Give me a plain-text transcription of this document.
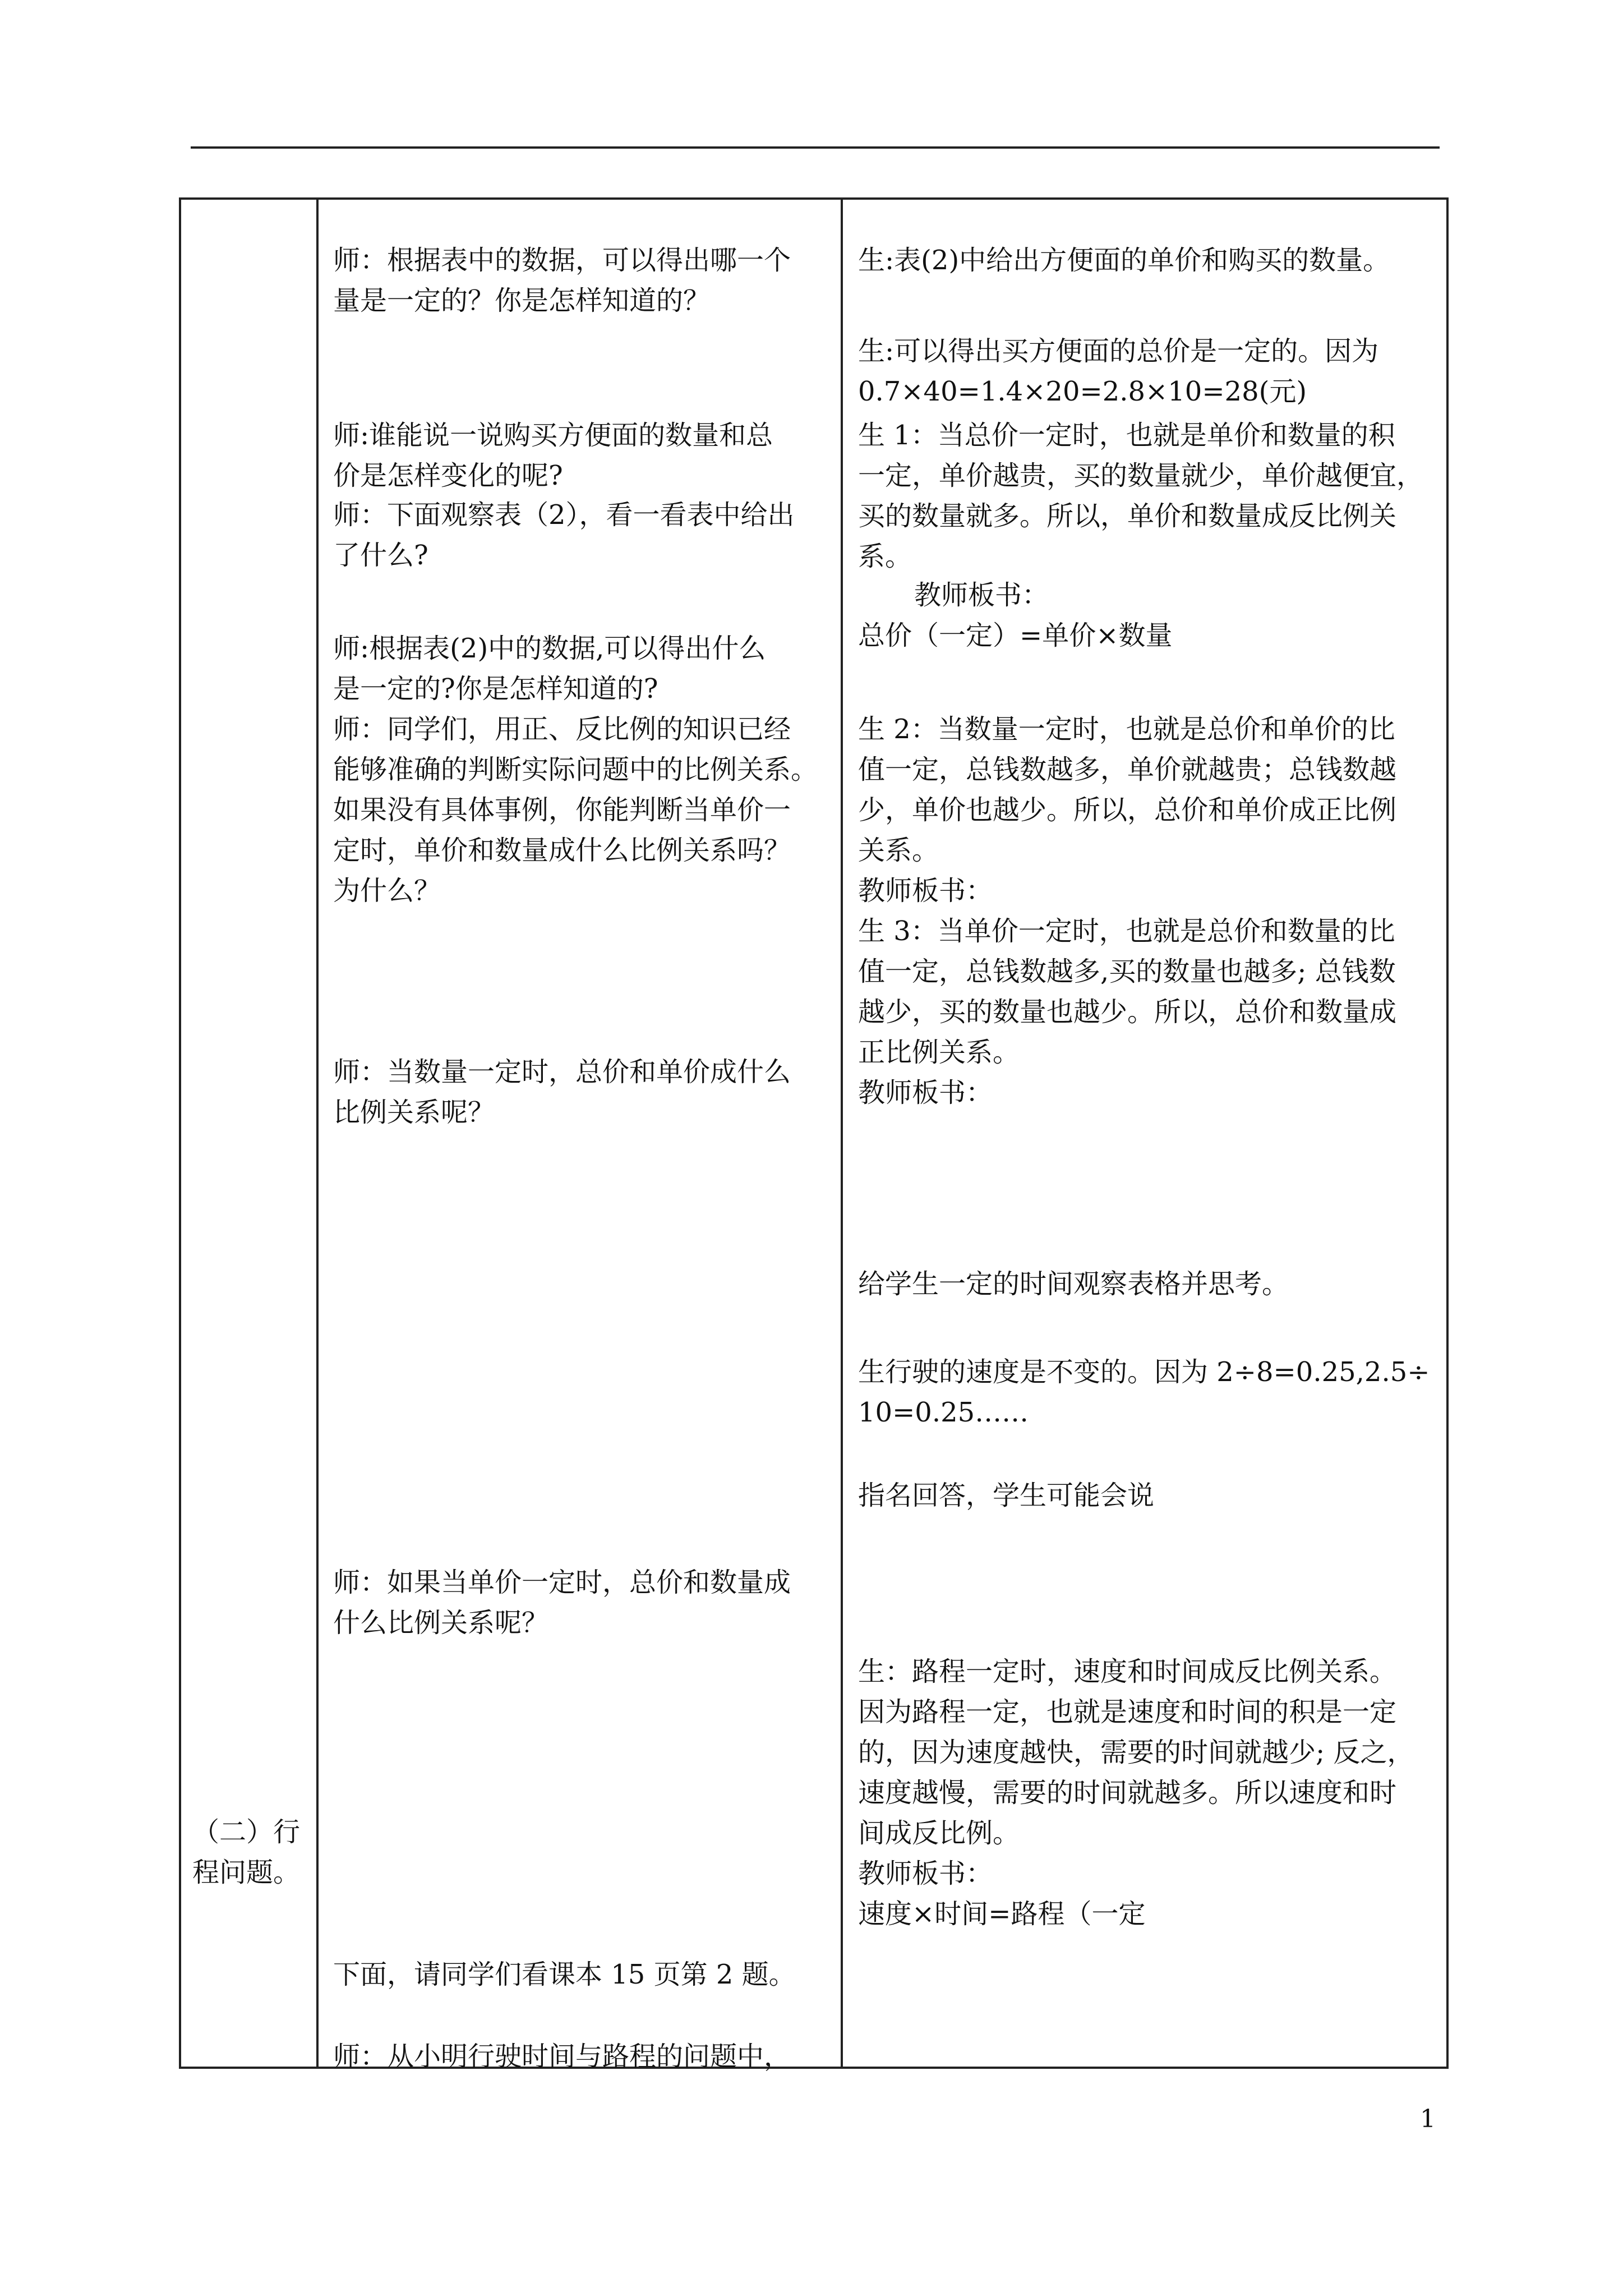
（二）行
程问题。
师：根据表中的数据，可以得出哪一个
量是一定的？你是怎样知道的？
师:谁能说一说购买方便面的数量和总
价是怎样变化的呢?
师：下面观察表（2），看一看表中给出
了什么?
师:根据表(2)中的数据,可以得出什么
是一定的?你是怎样知道的?
师：同学们，用正、反比例的知识已经
能够准确的判断实际问题中的比例关系。
如果没有具体事例，你能判断当单价一
定时，单价和数量成什么比例关系吗？
为什么？
师：当数量一定时，总价和单价成什么
比例关系呢？
师：如果当单价一定时，总价和数量成
什么比例关系呢？
下面，请同学们看课本 15 页第 2 题。
师：从小明行驶时间与路程的问题中，
生:表(2)中给出方便面的单价和购买的数量。
生:可以得出买方便面的总价是一定的。因为
0.7×40=1.4×20=2.8×10=28(元)
生 1：当总价一定时，也就是单价和数量的积
一定，单价越贵，买的数量就少，单价越便宜，
买的数量就多。所以，单价和数量成反比例关
系。
教师板书：
总价（一定）=单价×数量
生 2：当数量一定时，也就是总价和单价的比
值一定，总钱数越多，单价就越贵；总钱数越
少，单价也越少。所以，总价和单价成正比例
关系。
教师板书：
生 3：当单价一定时，也就是总价和数量的比
值一定，总钱数越多,买的数量也越多; 总钱数
越少，买的数量也越少。所以，总价和数量成
正比例关系。
教师板书：
给学生一定的时间观察表格并思考。
生行驶的速度是不变的。因为 2÷8=0.25,2.5÷
10=0.25……
指名回答，学生可能会说
生：路程一定时，速度和时间成反比例关系。
因为路程一定，也就是速度和时间的积是一定
的，因为速度越快，需要的时间就越少; 反之，
速度越慢，需要的时间就越多。所以速度和时
间成反比例。
教师板书：
速度×时间=路程（一定
1
